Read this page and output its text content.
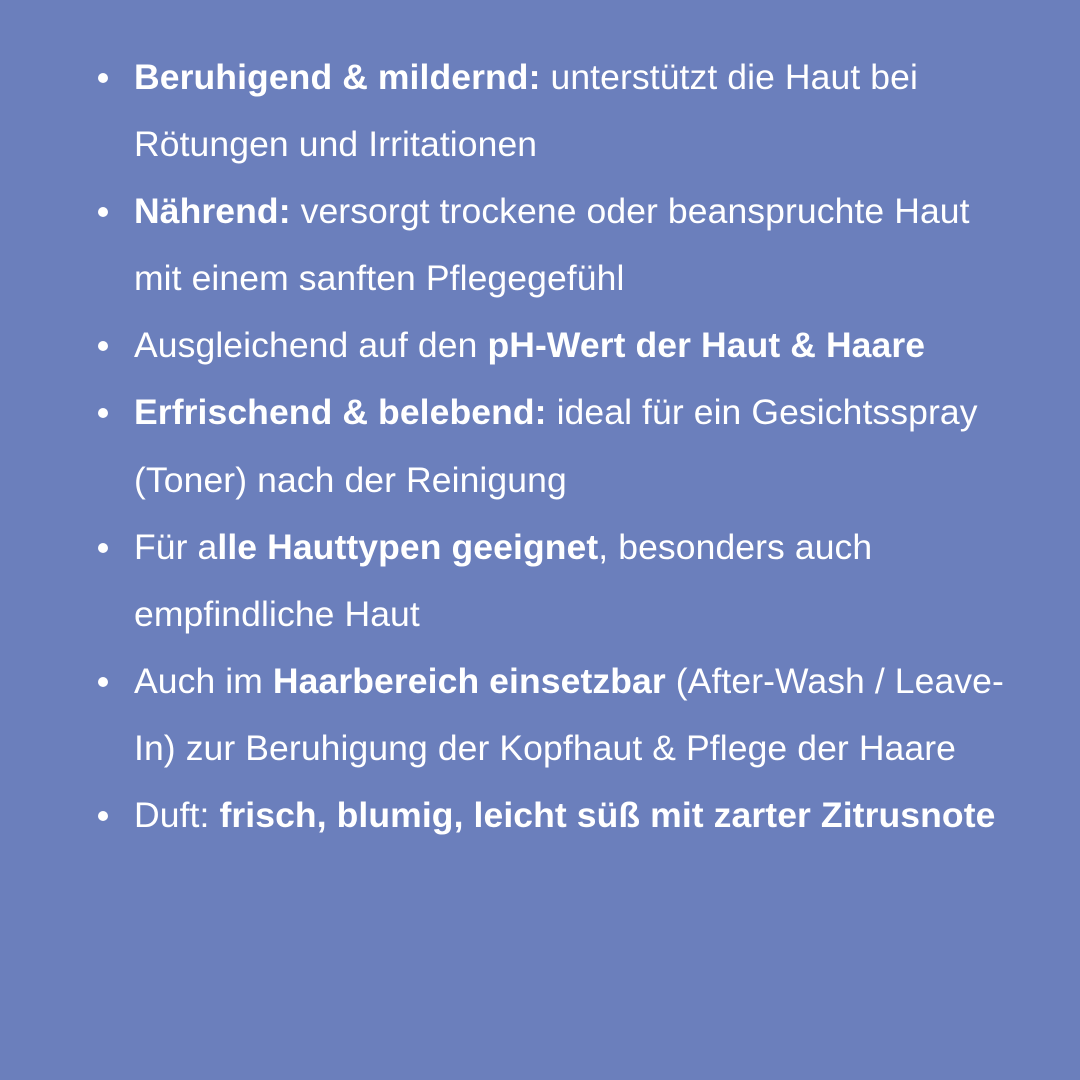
Beruhigend & mildernd: unterstützt die Haut bei Rötungen und Irritationen
Nährend: versorgt trockene oder beanspruchte Haut mit einem sanften Pflegegefühl
Ausgleichend auf den pH-Wert der Haut & Haare
Erfrischend & belebend: ideal für ein Gesichtsspray (Toner) nach der Reinigung
Für alle Hauttypen geeignet, besonders auch empfindliche Haut
Auch im Haarbereich einsetzbar (After-Wash / Leave-In) zur Beruhigung der Kopfhaut & Pflege der Haare
Duft: frisch, blumig, leicht süß mit zarter Zitrusnote
